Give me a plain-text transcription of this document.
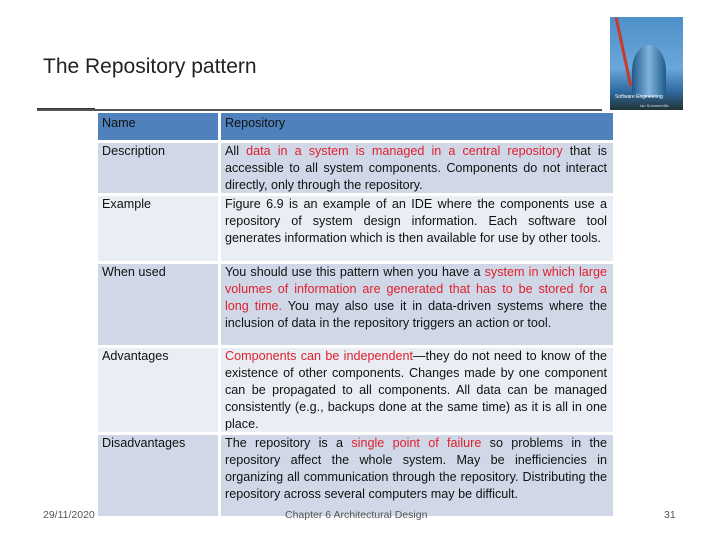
The Repository pattern
Software Engineering
Ian Sommerville
Name	Repository
Description	All data in a system is managed in a central repository that is accessible to all system components. Components do not interact directly, only through the repository.
Example	Figure 6.9 is an example of an IDE where the components use a repository of system design information. Each software tool generates information which is then available for use by other tools.
When used	You should use this pattern when you have a system in which large volumes of information are generated that has to be stored for a long time. You may also use it in data-driven systems where the inclusion of data in the repository triggers an action or tool.
Advantages	Components can be independent—they do not need to know of the existence of other components. Changes made by one component can be propagated to all components. All data can be managed consistently (e.g., backups done at the same time) as it is all in one place.
Disadvantages	The repository is a single point of failure so problems in the repository affect the whole system. May be inefficiencies in organizing all communication through the repository. Distributing the repository across several computers may be difficult.
29/11/2020	Chapter 6 Architectural Design	31
